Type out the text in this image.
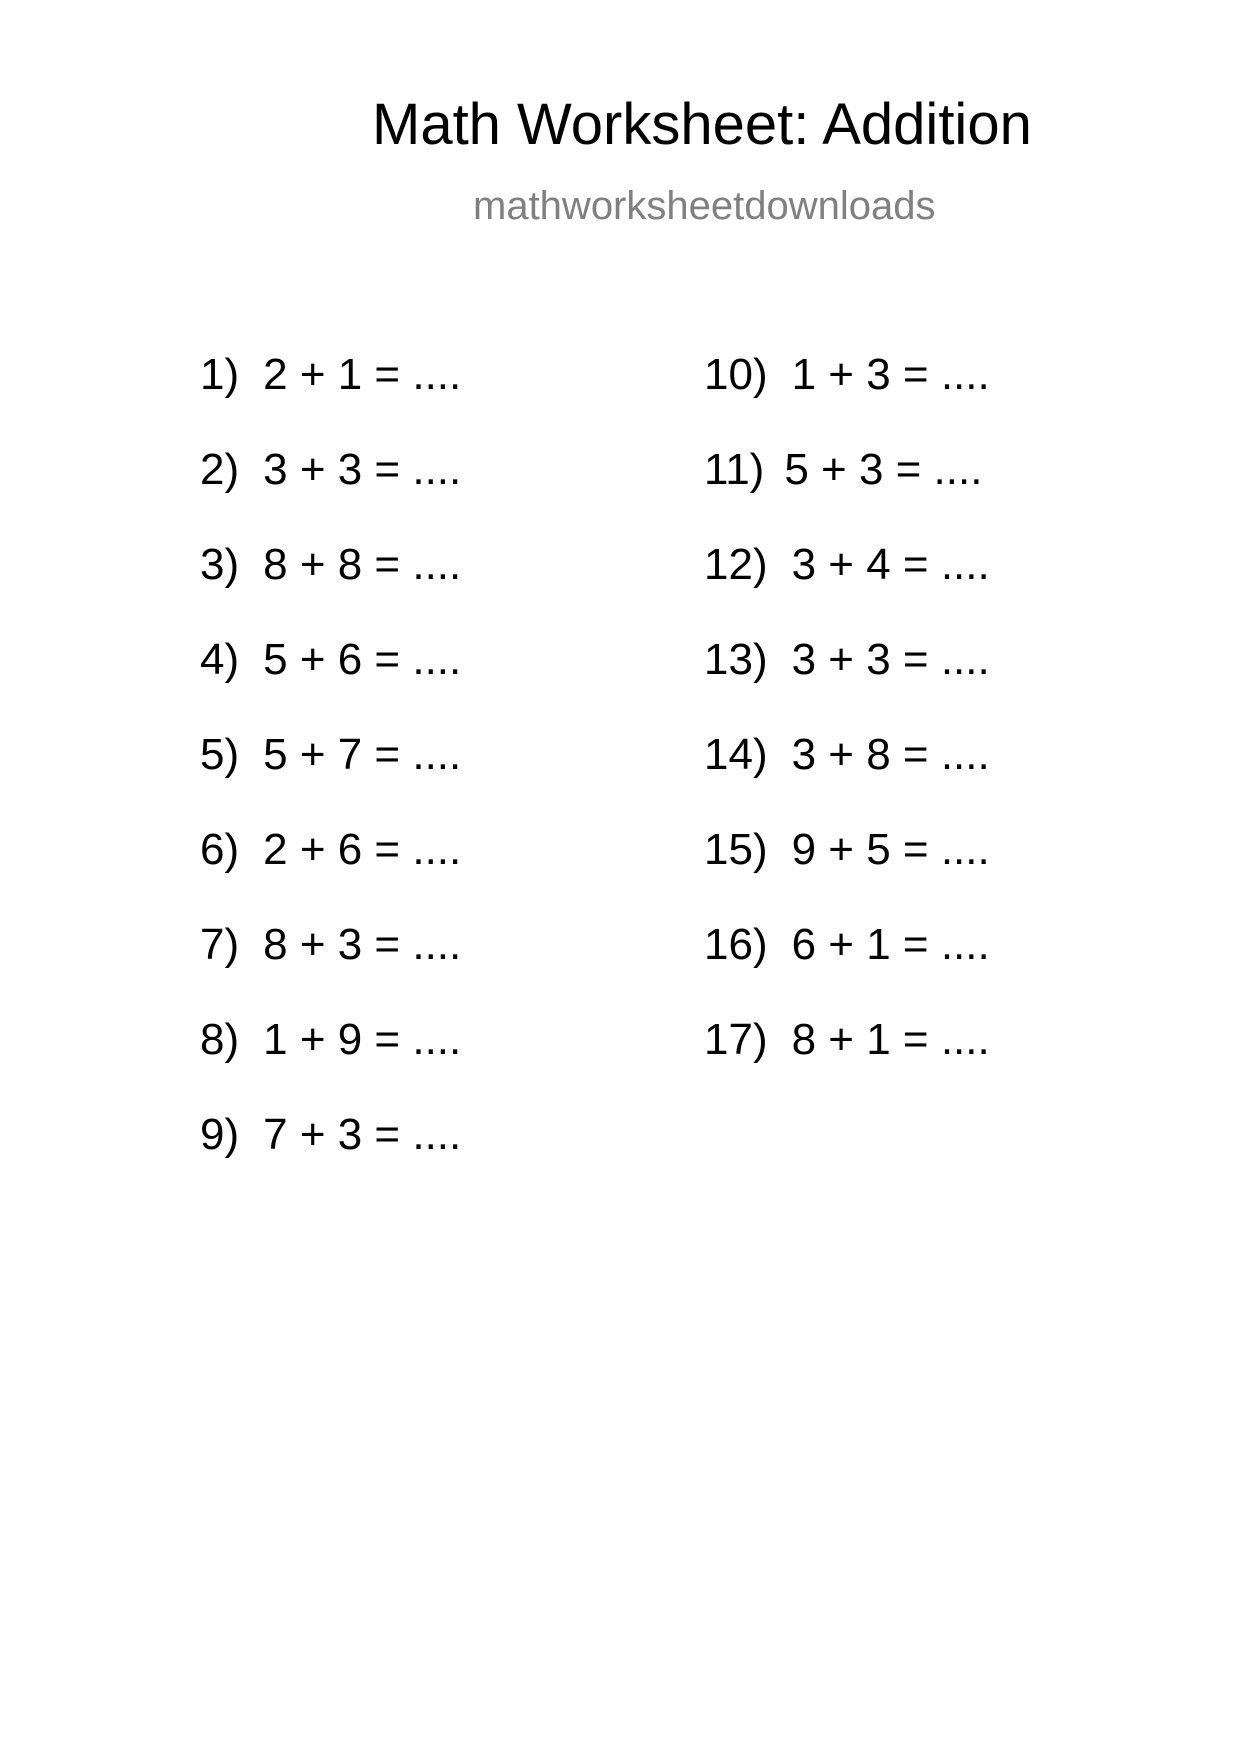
Math Worksheet: Addition
mathworksheetdownloads
1) 2 + 1 = ....
2) 3 + 3 = ....
3) 8 + 8 = ....
4) 5 + 6 = ....
5) 5 + 7 = ....
6) 2 + 6 = ....
7) 8 + 3 = ....
8) 1 + 9 = ....
9) 7 + 3 = ....
10) 1 + 3 = ....
11) 5 + 3 = ....
12) 3 + 4 = ....
13) 3 + 3 = ....
14) 3 + 8 = ....
15) 9 + 5 = ....
16) 6 + 1 = ....
17) 8 + 1 = ....
